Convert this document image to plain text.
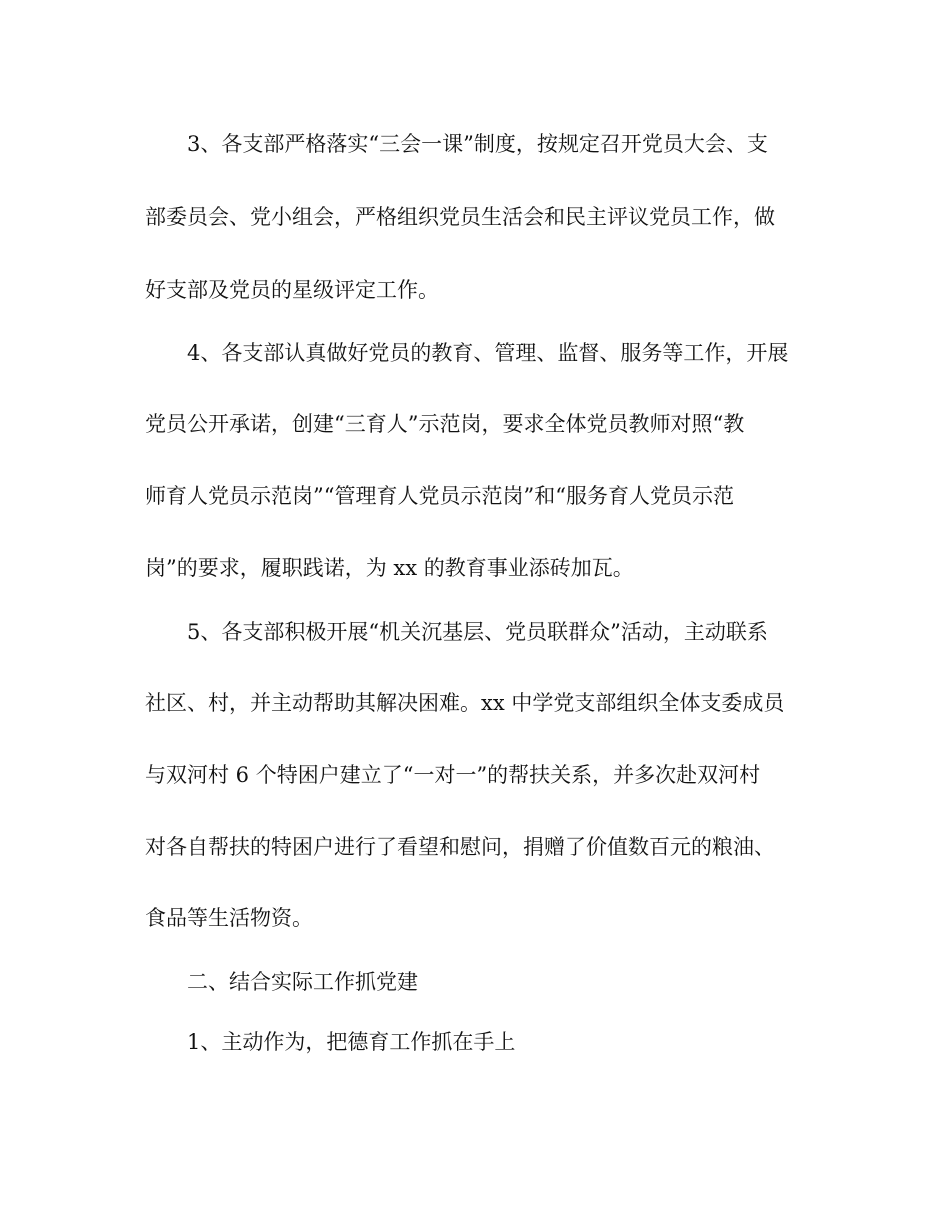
3、各支部严格落实“三会一课”制度，按规定召开党员大会、支
部委员会、党小组会，严格组织党员生活会和民主评议党员工作，做
好支部及党员的星级评定工作。
4、各支部认真做好党员的教育、管理、监督、服务等工作，开展
党员公开承诺，创建“三育人”示范岗，要求全体党员教师对照“教
师育人党员示范岗”“管理育人党员示范岗”和“服务育人党员示范
岗”的要求，履职践诺，为 xx 的教育事业添砖加瓦。
5、各支部积极开展“机关沉基层、党员联群众”活动，主动联系
社区、村，并主动帮助其解决困难。xx 中学党支部组织全体支委成员
与双河村 6 个特困户建立了“一对一”的帮扶关系，并多次赴双河村
对各自帮扶的特困户进行了看望和慰问，捐赠了价值数百元的粮油、
食品等生活物资。
二、结合实际工作抓党建
1、主动作为，把德育工作抓在手上
